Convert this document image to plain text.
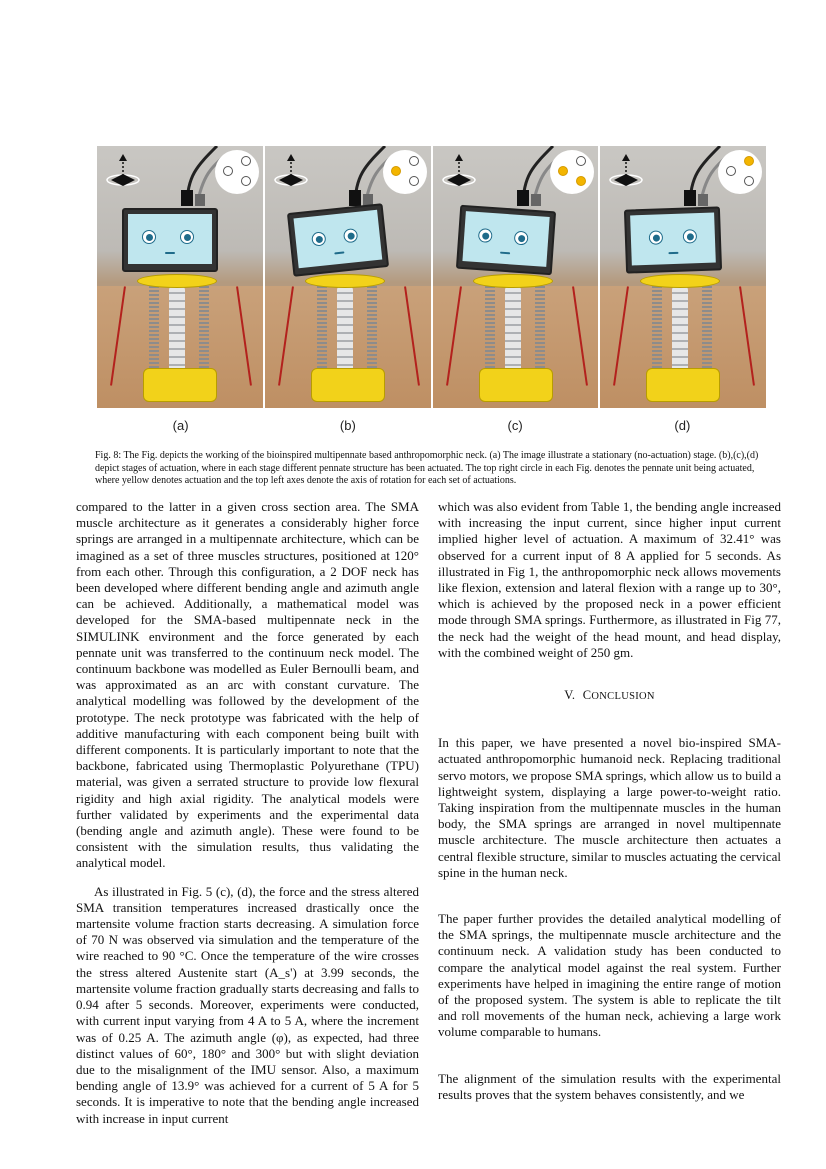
(a)	(b)	(c)	(d)
Fig. 8: The Fig. depicts the working of the bioinspired multipennate based anthropomorphic neck. (a) The image illustrate a stationary (no-actuation) stage. (b),(c),(d) depict stages of actuation, where in each stage different pennate structure has been actuated. The top right circle in each Fig. denotes the pennate unit being actuated, where yellow denotes actuation and the top left axes denote the axis of rotation for each set of actuations.

compared to the latter in a given cross section area. The SMA muscle architecture as it generates a considerably higher force springs are arranged in a multipennate architecture, which can be imagined as a set of three muscles structures, positioned at 120° from each other. Through this configuration, a 2 DOF neck has been developed where different bending angle and azimuth angle can be achieved. Additionally, a mathematical model was developed for the SMA-based multipennate neck in the SIMULINK environment and the force generated by each pennate unit was transferred to the continuum neck model. The continuum backbone was modelled as Euler Bernoulli beam, and was approximated as an arc with constant curvature. The analytical modelling was followed by the development of the prototype. The neck prototype was fabricated with the help of additive manufacturing with each component being built with different components. It is particularly important to note that the backbone, fabricated using Thermoplastic Polyurethane (TPU) material, was given a serrated structure to provide low flexural rigidity and high axial rigidity. The analytical models were further validated by experiments and the experimental data (bending angle and azimuth angle). These were found to be consistent with the simulation results, thus validating the analytical model.

As illustrated in Fig. 5 (c), (d), the force and the stress altered SMA transition temperatures increased drastically once the martensite volume fraction starts decreasing. A simulation force of 70 N was observed via simulation and the temperature of the wire reached to 90 °C. Once the temperature of the wire crosses the stress altered Austenite start (A_s') at 3.99 seconds, the martensite volume fraction gradually starts decreasing and falls to 0.94 after 5 seconds. Moreover, experiments were conducted, with current input varying from 4 A to 5 A, where the increment was of 0.25 A. The azimuth angle (φ), as expected, had three distinct values of 60°, 180° and 300° but with slight deviation due to the misalignment of the IMU sensor. Also, a maximum bending angle of 13.9° was achieved for a current of 5 A for 5 seconds. It is imperative to note that the bending angle increased with increase in input current

which was also evident from Table 1, the bending angle increased with increasing the input current, since higher input current implied higher level of actuation. A maximum of 32.41° was observed for a current input of 8 A applied for 5 seconds. As illustrated in Fig 1, the anthropomorphic neck allows movements like flexion, extension and lateral flexion with a range up to 30°, which is achieved by the proposed neck in a power efficient mode through SMA springs. Furthermore, as illustrated in Fig 77, the neck had the weight of the head mount, and head display, with the combined weight of 250 gm.

V. CONCLUSION

In this paper, we have presented a novel bio-inspired SMA-actuated anthropomorphic humanoid neck. Replacing traditional servo motors, we propose SMA springs, which allow us to build a lightweight system, displaying a large power-to-weight ratio. Taking inspiration from the multipennate muscles in the human body, the SMA springs are arranged in novel multipennate muscle architecture. The muscle architecture then actuates a central flexible structure, similar to muscles actuating the cervical spine in the human neck.

The paper further provides the detailed analytical modelling of the SMA springs, the multipennate muscle architecture and the continuum neck. A validation study has been conducted to compare the analytical model against the real system. Further experiments have helped in imagining the entire range of motion of the proposed system. The system is able to replicate the tilt and roll movements of the human neck, achieving a large work volume comparable to humans.

The alignment of the simulation results with the experimental results proves that the system behaves consistently, and we
